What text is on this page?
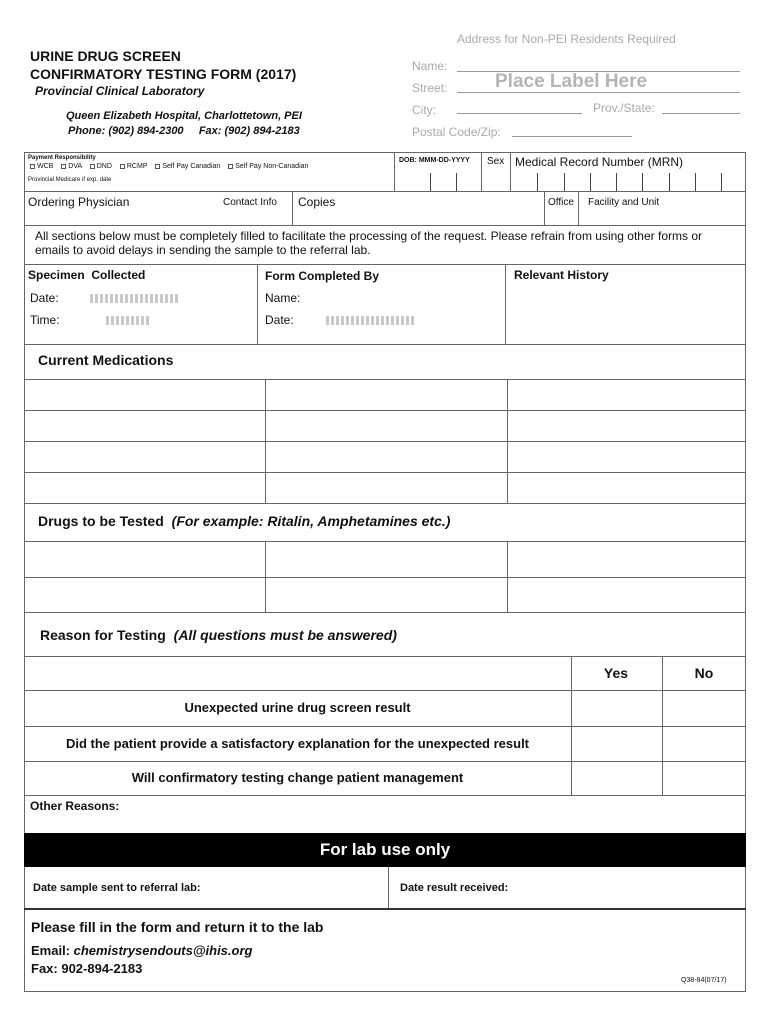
URINE DRUG SCREEN
CONFIRMATORY TESTING FORM (2017)
Provincial Clinical Laboratory
Queen Elizabeth Hospital, Charlottetown, PEI
Phone: (902) 894-2300     Fax: (902) 894-2183
Address for Non-PEI Residents Required
Name:
Street:	Place Label Here
City:	Prov./State:
Postal Code/Zip:
Payment Responsibility
WCB DVA DND RCMP Self Pay Canadian Self Pay Non-Canadian
Provincial Medicare if exp. date
DOB: MMM-DD-YYYY Sex Medical Record Number (MRN)
Ordering Physician	Contact Info Copies	Office Facility and Unit
All sections below must be completely filled to facilitate the processing of the request. Please refrain from using other forms or emails to avoid delays in sending the sample to the referral lab.
Specimen  Collected
Date:
Time:
Form Completed By
Name:
Date:
Relevant History
Current Medications
Drugs to be Tested (For example: Ritalin, Amphetamines etc.)
Reason for Testing (All questions must be answered)
Yes	No
Unexpected urine drug screen result
Did the patient provide a satisfactory explanation for the unexpected result
Will confirmatory testing change patient management
Other Reasons:
For lab use only
Date sample sent to referral lab:	Date result received:
Please fill in the form and return it to the lab
Email: chemistrysendouts@ihis.org
Fax: 902-894-2183
Q38-84(07/17)
